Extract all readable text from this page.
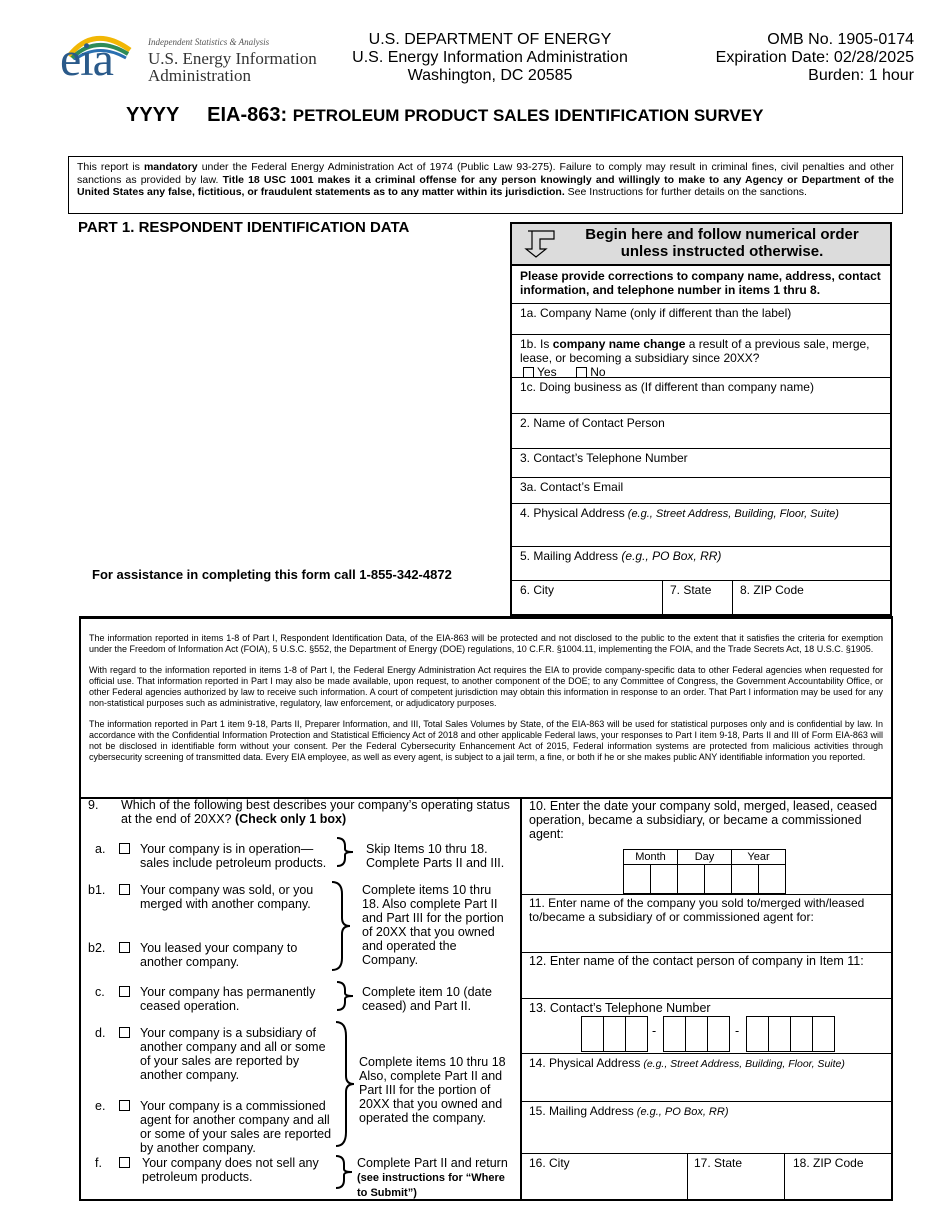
eia	Independent Statistics & Analysis
U.S. Energy Information
Administration
U.S. DEPARTMENT OF ENERGY
U.S. Energy Information Administration
Washington, DC 20585
OMB No. 1905-0174
Expiration Date: 02/28/2025
Burden: 1 hour
YYYY EIA-863: PETROLEUM PRODUCT SALES IDENTIFICATION SURVEY
This report is mandatory under the Federal Energy Administration Act of 1974 (Public Law 93-275). Failure to comply may result in criminal fines, civil penalties and other sanctions as provided by law. Title 18 USC 1001 makes it a criminal offense for any person knowingly and willingly to make to any Agency or Department of the United States any false, fictitious, or fraudulent statements as to any matter within its jurisdiction. See Instructions for further details on the sanctions.
PART 1. RESPONDENT IDENTIFICATION DATA
For assistance in completing this form call 1-855-342-4872
Begin here and follow numerical order unless instructed otherwise.
Please provide corrections to company name, address, contact information, and telephone number in items 1 thru 8.
1a. Company Name (only if different than the label)
1b. Is company name change a result of a previous sale, merge, lease, or becoming a subsidiary since 20XX?
Yes	No
1c. Doing business as (If different than company name)
2. Name of Contact Person
3. Contact’s Telephone Number
3a. Contact’s Email
4. Physical Address (e.g., Street Address, Building, Floor, Suite)
5. Mailing Address (e.g., PO Box, RR)
6. City	7. State 8. ZIP Code
The information reported in items 1-8 of Part I, Respondent Identification Data, of the EIA-863 will be protected and not disclosed to the public to the extent that it satisfies the criteria for exemption under the Freedom of Information Act (FOIA), 5 U.S.C. §552, the Department of Energy (DOE) regulations, 10 C.F.R. §1004.11, implementing the FOIA, and the Trade Secrets Act, 18 U.S.C. §1905.
With regard to the information reported in items 1-8 of Part I, the Federal Energy Administration Act requires the EIA to provide company-specific data to other Federal agencies when requested for official use. That information reported in Part I may also be made available, upon request, to another component of the DOE; to any Committee of Congress, the Government Accountability Office, or other Federal agencies authorized by law to receive such information. A court of competent jurisdiction may obtain this information in response to an order. That Part I information may be used for any non-statistical purposes such as administrative, regulatory, law enforcement, or adjudicatory purposes.
The information reported in Part 1 item 9-18, Parts II, Preparer Information, and III, Total Sales Volumes by State, of the EIA-863 will be used for statistical purposes only and is confidential by law. In accordance with the Confidential Information Protection and Statistical Efficiency Act of 2018 and other applicable Federal laws, your responses to Part I item 9-18, Parts II and III of Form EIA-863 will not be disclosed in identifiable form without your consent. Per the Federal Cybersecurity Enhancement Act of 2015, Federal information systems are protected from malicious activities through cybersecurity screening of transmitted data. Every EIA employee, as well as every agent, is subject to a jail term, a fine, or both if he or she makes public ANY identifiable information you reported.
9. Which of the following best describes your company’s operating status at the end of 20XX? (Check only 1 box)
a.	Your company is in operation—sales include petroleum products.
Skip Items 10 thru 18. Complete Parts II and III.
b1.	Your company was sold, or you merged with another company.
b2.	You leased your company to another company.
Complete items 10 thru 18. Also complete Part II and Part III for the portion of 20XX that you owned and operated the Company.
c.	Your company has permanently ceased operation.
Complete item 10 (date ceased) and Part II.
d.	Your company is a subsidiary of another company and all or some of your sales are reported by another company.
e.	Your company is a commissioned agent for another company and all or some of your sales are reported by another company.
Complete items 10 thru 18 Also, complete Part II and Part III for the portion of 20XX that you owned and operated the company.
f.	Your company does not sell any petroleum products.
Complete Part II and return
(see instructions for “Where to Submit”)
10. Enter the date your company sold, merged, leased, ceased operation, became a subsidiary, or became a commissioned agent:
Month		Day		Year	

11. Enter name of the company you sold to/merged with/leased to/became a subsidiary of or commissioned agent for:
12. Enter name of the contact person of company in Item 11:
13. Contact’s Telephone Number
-	-
14. Physical Address (e.g., Street Address, Building, Floor, Suite)
15. Mailing Address (e.g., PO Box, RR)
16. City	17. State	18. ZIP Code
